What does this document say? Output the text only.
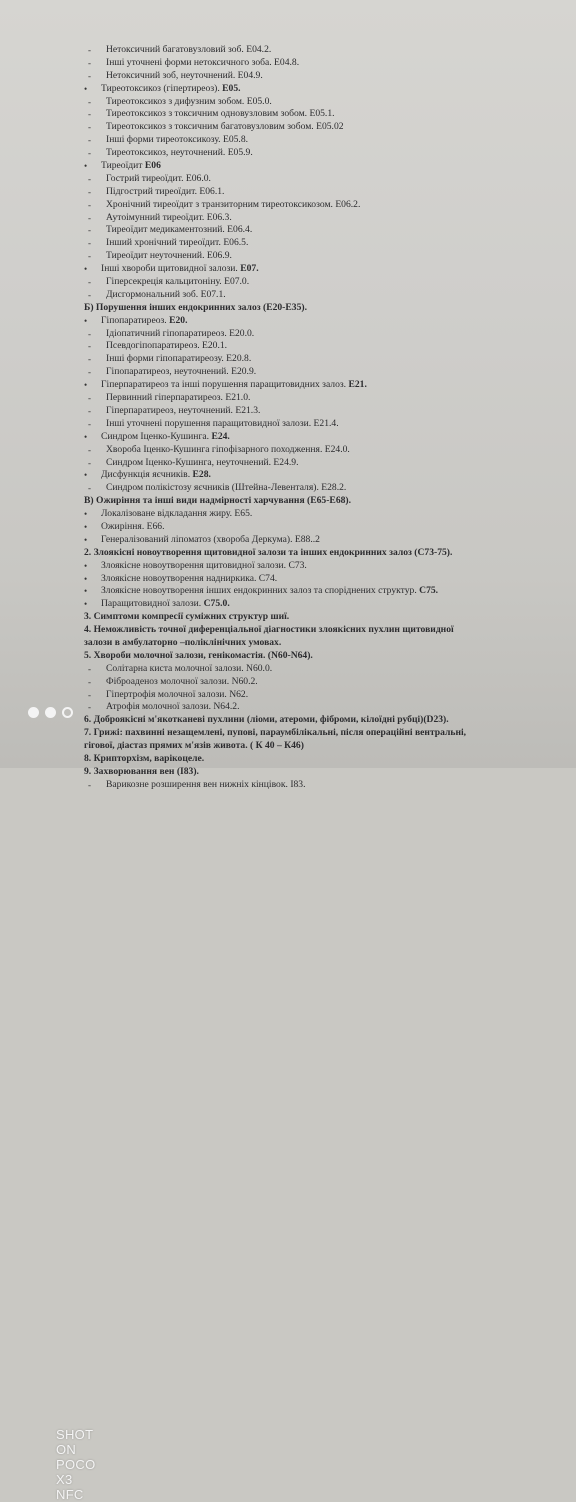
- Нетоксичний багатовузловий зоб. Е04.2.
- Інші уточнені форми нетоксичного зоба. Е04.8.
- Нетоксичний зоб, неуточнений. Е04.9.
• Тиреотоксикоз (гіпертиреоз). Е05.
- Тиреотоксикоз з дифузним зобом. Е05.0.
- Тиреотоксикоз з токсичним одновузловим зобом. Е05.1.
- Тиреотоксикоз з токсичним багатовузловим зобом. Е05.02
- Інші форми тиреотоксикозу. Е05.8.
- Тиреотоксикоз, неуточнений. Е05.9.
• Тиреоїдит Е06
- Гострий тиреоїдит. Е06.0.
- Підгострий тиреоїдит. Е06.1.
- Хронічний тиреоїдит з транзиторним тиреотоксикозом. Е06.2.
- Аутоімунний тиреоїдит. Е06.3.
- Тиреоїдит медикаментозний. Е06.4.
- Інший хронічний тиреоїдит. Е06.5.
- Тиреоїдит неуточнений. Е06.9.
• Інші хвороби щитовидної залози. Е07.
- Гіперсекреція кальцитоніну. Е07.0.
- Дисгормональний зоб. Е07.1.
Б) Порушення інших ендокринних залоз (Е20-Е35).
• Гіпопаратиреоз. Е20.
- Ідіопатичний гіпопаратиреоз. Е20.0.
- Псевдогіпопаратиреоз. Е20.1.
- Інші форми гіпопаратиреозу. Е20.8.
- Гіпопаратиреоз, неуточнений. Е20.9.
• Гіперпаратиреоз та інші порушення паращитовидних залоз. Е21.
- Первинний гіперпаратиреоз. Е21.0.
- Гіперпаратиреоз, неуточнений. Е21.3.
- Інші уточнені порушення паращитовидної залози. Е21.4.
• Синдром Іценко-Кушинга. Е24.
- Хвороба Іценко-Кушинга гіпофізарного походження. Е24.0.
- Синдром Іценко-Кушинга, неуточнений. Е24.9.
• Дисфункція яєчників. Е28.
- Синдром полікістозу яєчників (Штейна-Левенталя). Е28.2.
В) Ожиріння та інші види надмірності харчування (Е65-Е68).
• Локалізоване відкладання жиру. Е65.
• Ожиріння. Е66.
• Генералізований ліпоматоз (хвороба Деркума). Е88..2
2. Злоякісні новоутворення щитовидної залози та інших ендокринних залоз (С73-75).
• Злоякісне новоутворення щитовидної залози. С73.
• Злоякісне новоутворення надниркика. С74.
• Злоякісне новоутворення інших ендокринних залоз та споріднених структур. С75.
• Паращитовидної залози. С75.0.
3. Симптоми компресії суміжних структур шиї.
4. Неможливість точної диференціальної діагностики злоякісних пухлин щитовидної
залози в амбулаторно –поліклінічних умовах.
5. Хвороби молочної залози, генікомастія. (N60-N64).
- Солітарна киста молочної залози. N60.0.
- Фіброаденоз молочної залози. N60.2.
- Гіпертрофія молочної залози. N62.
- Атрофія молочної залози. N64.2.
6. Доброякісні м'якотканеві пухлини (ліоми, атероми, фіброми, кілоїдні рубці)(D23).
7. Грижі: пахвинні незащемлені, пупові, параумбілікальні, після операційні вентральні,
гігової, діастаз прямих м'язів живота. ( К 40 – К46)
8. Крипторхізм, варікоцеле.
9. Захворювання вен (І83).
- Варикозне розширення вен нижніх кінцівок. І83.
SHOT ON POCO X3 NFC
